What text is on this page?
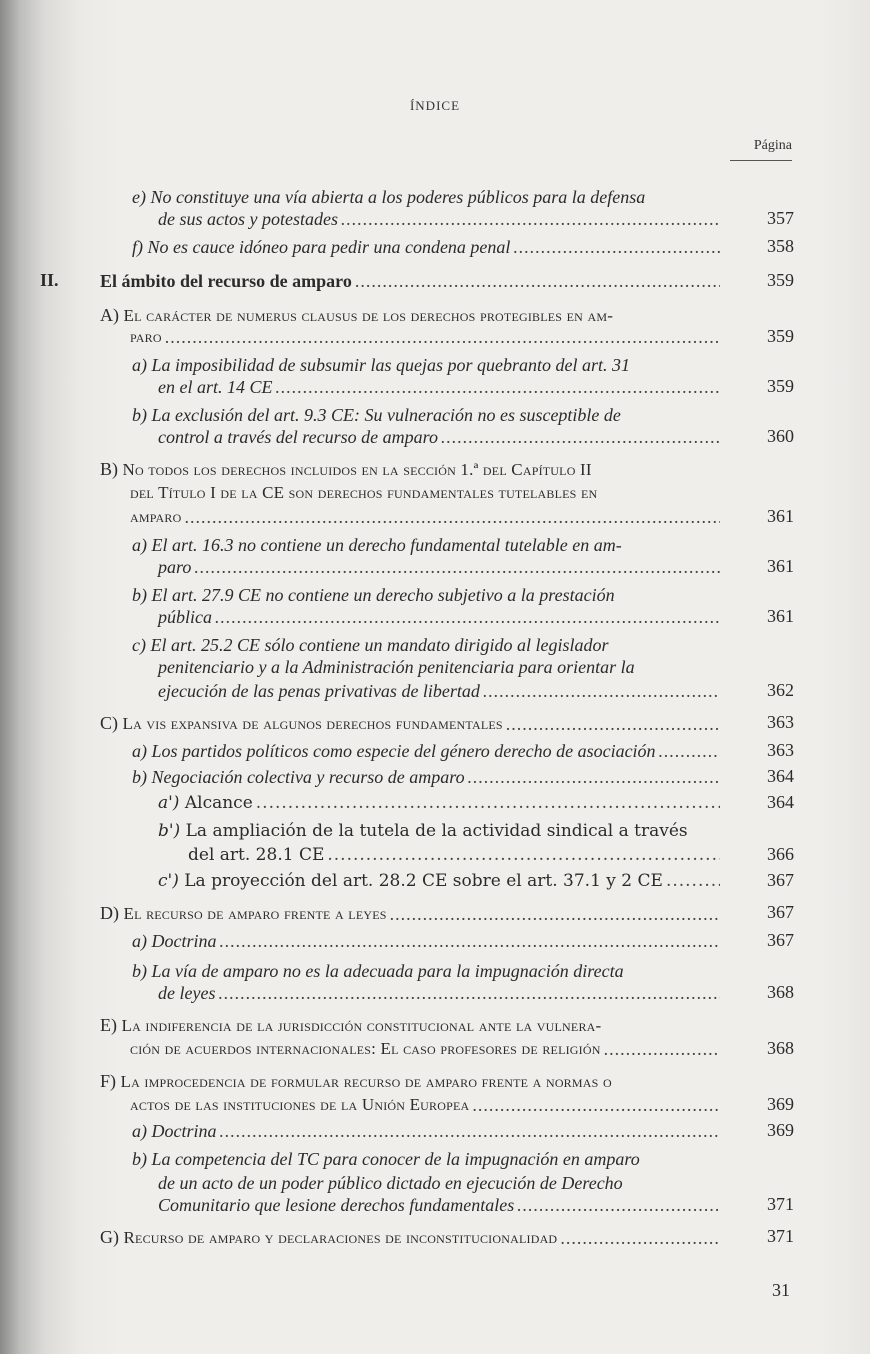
ÍNDICE
Página
e) No constituye una vía abierta a los poderes públicos para la defensa
de sus actos y potestades .....	357
f) No es cauce idóneo para pedir una condena penal .....	358
II. El ámbito del recurso de amparo .....	359
A) El carácter de numerus clausus de los derechos protegibles en am-
paro .....	359
a) La imposibilidad de subsumir las quejas por quebranto del art. 31
en el art. 14 CE .....	359
b) La exclusión del art. 9.3 CE: Su vulneración no es susceptible de
control a través del recurso de amparo .....	360
B) No todos los derechos incluidos en la sección 1.ª del Capítulo II
del Título I de la CE son derechos fundamentales tutelables en
amparo .....	361
a) El art. 16.3 no contiene un derecho fundamental tutelable en am-
paro .....	361
b) El art. 27.9 CE no contiene un derecho subjetivo a la prestación
pública .....	361
c) El art. 25.2 CE sólo contiene un mandato dirigido al legislador
penitenciario y a la Administración penitenciaria para orientar la
ejecución de las penas privativas de libertad .....	362
C) La vis expansiva de algunos derechos fundamentales .....	363
a) Los partidos políticos como especie del género derecho de asociación .....	363
b) Negociación colectiva y recurso de amparo .....	364
a') Alcance .....	364
b') La ampliación de la tutela de la actividad sindical a través
del art. 28.1 CE .....	366
c') La proyección del art. 28.2 CE sobre el art. 37.1 y 2 CE .....	367
D) El recurso de amparo frente a leyes .....	367
a) Doctrina .....	367
b) La vía de amparo no es la adecuada para la impugnación directa
de leyes .....	368
E) La indiferencia de la jurisdicción constitucional ante la vulnera-
ción de acuerdos internacionales: El caso profesores de religión .....	368
F) La improcedencia de formular recurso de amparo frente a normas o
actos de las instituciones de la Unión Europea .....	369
a) Doctrina .....	369
b) La competencia del TC para conocer de la impugnación en amparo
de un acto de un poder público dictado en ejecución de Derecho
Comunitario que lesione derechos fundamentales .....	371
G) Recurso de amparo y declaraciones de inconstitucionalidad .....	371
31
